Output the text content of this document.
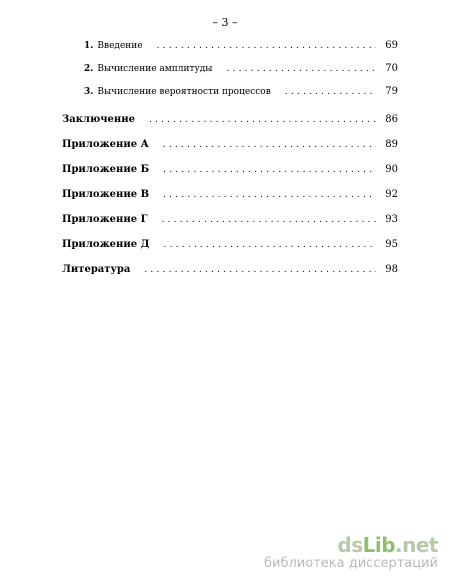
– 3 –
1. Введение .....	69
2. Вычисление амплитуды .....	70
3. Вычисление вероятности процессов .....	79
Заключение .....	86
Приложение А .....	89
Приложение Б .....	90
Приложение В .....	92
Приложение Г .....	93
Приложение Д .....	95
Литература .....	98
dsLib.net
библиотека диссертаций
